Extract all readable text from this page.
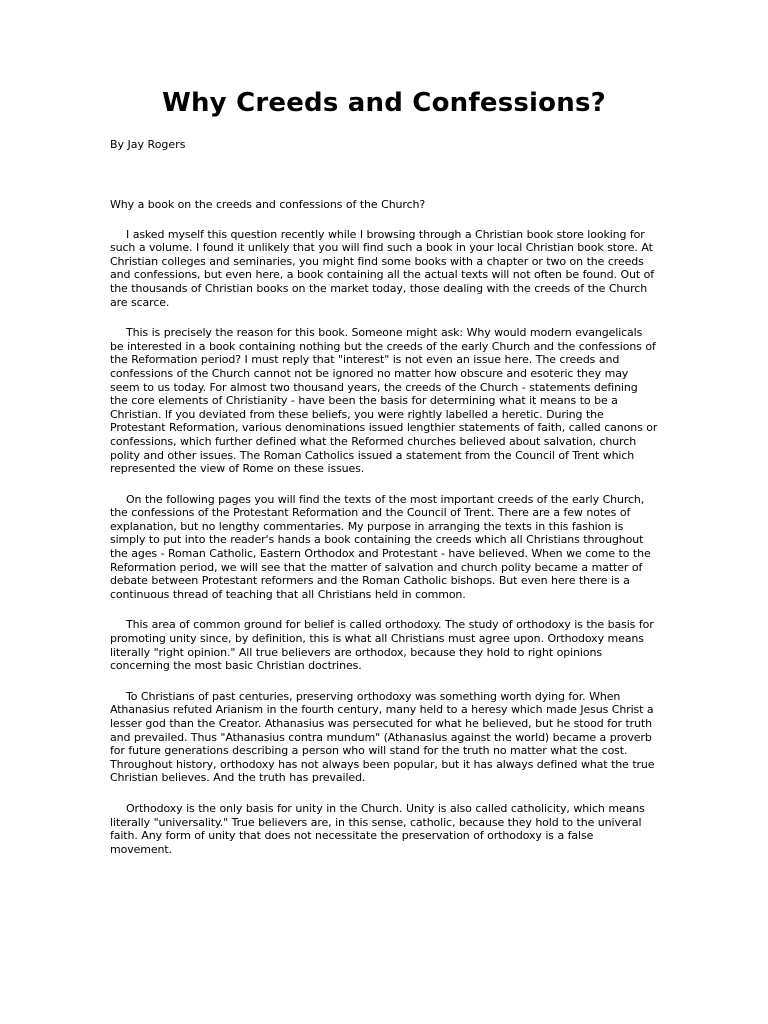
Why Creeds and Confessions?

By Jay Rogers

Why a book on the creeds and confessions of the Church?

I asked myself this question recently while I browsing through a Christian book store looking for such a volume. I found it unlikely that you will find such a book in your local Christian book store. At Christian colleges and seminaries, you might find some books with a chapter or two on the creeds and confessions, but even here, a book containing all the actual texts will not often be found. Out of the thousands of Christian books on the market today, those dealing with the creeds of the Church are scarce.

This is precisely the reason for this book. Someone might ask: Why would modern evangelicals be interested in a book containing nothing but the creeds of the early Church and the confessions of the Reformation period? I must reply that "interest" is not even an issue here. The creeds and confessions of the Church cannot not be ignored no matter how obscure and esoteric they may seem to us today. For almost two thousand years, the creeds of the Church - statements defining the core elements of Christianity - have been the basis for determining what it means to be a Christian. If you deviated from these beliefs, you were rightly labelled a heretic. During the Protestant Reformation, various denominations issued lengthier statements of faith, called canons or confessions, which further defined what the Reformed churches believed about salvation, church polity and other issues. The Roman Catholics issued a statement from the Council of Trent which represented the view of Rome on these issues.

On the following pages you will find the texts of the most important creeds of the early Church, the confessions of the Protestant Reformation and the Council of Trent. There are a few notes of explanation, but no lengthy commentaries. My purpose in arranging the texts in this fashion is simply to put into the reader's hands a book containing the creeds which all Christians throughout the ages - Roman Catholic, Eastern Orthodox and Protestant - have believed. When we come to the Reformation period, we will see that the matter of salvation and church polity became a matter of debate between Protestant reformers and the Roman Catholic bishops. But even here there is a continuous thread of teaching that all Christians held in common.

This area of common ground for belief is called orthodoxy. The study of orthodoxy is the basis for promoting unity since, by definition, this is what all Christians must agree upon. Orthodoxy means literally "right opinion." All true believers are orthodox, because they hold to right opinions concerning the most basic Christian doctrines.

To Christians of past centuries, preserving orthodoxy was something worth dying for. When Athanasius refuted Arianism in the fourth century, many held to a heresy which made Jesus Christ a lesser god than the Creator. Athanasius was persecuted for what he believed, but he stood for truth and prevailed. Thus "Athanasius contra mundum" (Athanasius against the world) became a proverb for future generations describing a person who will stand for the truth no matter what the cost. Throughout history, orthodoxy has not always been popular, but it has always defined what the true Christian believes. And the truth has prevailed.

Orthodoxy is the only basis for unity in the Church. Unity is also called catholicity, which means literally "universality." True believers are, in this sense, catholic, because they hold to the univeral faith. Any form of unity that does not necessitate the preservation of orthodoxy is a false movement.
